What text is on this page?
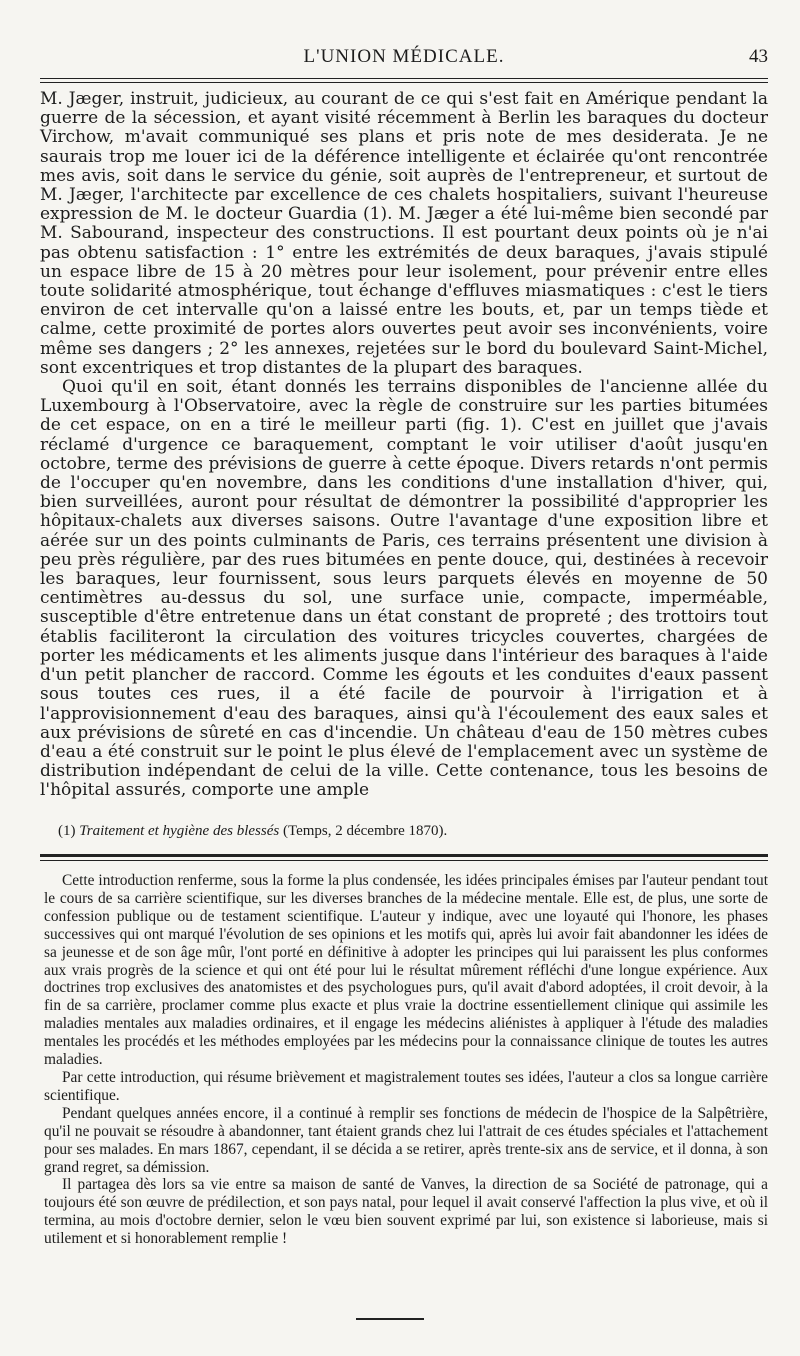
L'UNION MÉDICALE.	43

M. Jæger, instruit, judicieux, au courant de ce qui s'est fait en Amérique pendant la guerre de la sécession, et ayant visité récemment à Berlin les baraques du docteur Virchow, m'avait communiqué ses plans et pris note de mes desiderata. Je ne saurais trop me louer ici de la déférence intelligente et éclairée qu'ont rencontrée mes avis, soit dans le service du génie, soit auprès de l'entrepreneur, et surtout de M. Jæger, l'architecte par excellence de ces chalets hospitaliers, suivant l'heureuse expression de M. le docteur Guardia (1). M. Jæger a été lui-même bien secondé par M. Sabourand, inspecteur des constructions. Il est pourtant deux points où je n'ai pas obtenu satisfaction : 1° entre les extrémités de deux baraques, j'avais stipulé un espace libre de 15 à 20 mètres pour leur isolement, pour prévenir entre elles toute solidarité atmosphérique, tout échange d'effluves miasmatiques : c'est le tiers environ de cet intervalle qu'on a laissé entre les bouts, et, par un temps tiède et calme, cette proximité de portes alors ouvertes peut avoir ses inconvénients, voire même ses dangers ; 2° les annexes, rejetées sur le bord du boulevard Saint-Michel, sont excentriques et trop distantes de la plupart des baraques.

Quoi qu'il en soit, étant donnés les terrains disponibles de l'ancienne allée du Luxembourg à l'Observatoire, avec la règle de construire sur les parties bitumées de cet espace, on en a tiré le meilleur parti (fig. 1). C'est en juillet que j'avais réclamé d'urgence ce baraquement, comptant le voir utiliser d'août jusqu'en octobre, terme des prévisions de guerre à cette époque. Divers retards n'ont permis de l'occuper qu'en novembre, dans les conditions d'une installation d'hiver, qui, bien surveillées, auront pour résultat de démontrer la possibilité d'approprier les hôpitaux-chalets aux diverses saisons. Outre l'avantage d'une exposition libre et aérée sur un des points culminants de Paris, ces terrains présentent une division à peu près régulière, par des rues bitumées en pente douce, qui, destinées à recevoir les baraques, leur fournissent, sous leurs parquets élevés en moyenne de 50 centimètres au-dessus du sol, une surface unie, compacte, imperméable, susceptible d'être entretenue dans un état constant de propreté ; des trottoirs tout établis faciliteront la circulation des voitures tricycles couvertes, chargées de porter les médicaments et les aliments jusque dans l'intérieur des baraques à l'aide d'un petit plancher de raccord. Comme les égouts et les conduites d'eaux passent sous toutes ces rues, il a été facile de pourvoir à l'irrigation et à l'approvisionnement d'eau des baraques, ainsi qu'à l'écoulement des eaux sales et aux prévisions de sûreté en cas d'incendie. Un château d'eau de 150 mètres cubes d'eau a été construit sur le point le plus élevé de l'emplacement avec un système de distribution indépendant de celui de la ville. Cette contenance, tous les besoins de l'hôpital assurés, comporte une ample

(1) Traitement et hygiène des blessés (Temps, 2 décembre 1870).

Cette introduction renferme, sous la forme la plus condensée, les idées principales émises par l'auteur pendant tout le cours de sa carrière scientifique, sur les diverses branches de la médecine mentale. Elle est, de plus, une sorte de confession publique ou de testament scientifique. L'auteur y indique, avec une loyauté qui l'honore, les phases successives qui ont marqué l'évolution de ses opinions et les motifs qui, après lui avoir fait abandonner les idées de sa jeunesse et de son âge mûr, l'ont porté en définitive à adopter les principes qui lui paraissent les plus conformes aux vrais progrès de la science et qui ont été pour lui le résultat mûrement réfléchi d'une longue expérience. Aux doctrines trop exclusives des anatomistes et des psychologues purs, qu'il avait d'abord adoptées, il croit devoir, à la fin de sa carrière, proclamer comme plus exacte et plus vraie la doctrine essentiellement clinique qui assimile les maladies mentales aux maladies ordinaires, et il engage les médecins aliénistes à appliquer à l'étude des maladies mentales les procédés et les méthodes employées par les médecins pour la connaissance clinique de toutes les autres maladies.

Par cette introduction, qui résume brièvement et magistralement toutes ses idées, l'auteur a clos sa longue carrière scientifique.

Pendant quelques années encore, il a continué à remplir ses fonctions de médecin de l'hospice de la Salpêtrière, qu'il ne pouvait se résoudre à abandonner, tant étaient grands chez lui l'attrait de ces études spéciales et l'attachement pour ses malades. En mars 1867, cependant, il se décida a se retirer, après trente-six ans de service, et il donna, à son grand regret, sa démission.

Il partagea dès lors sa vie entre sa maison de santé de Vanves, la direction de sa Société de patronage, qui a toujours été son œuvre de prédilection, et son pays natal, pour lequel il avait conservé l'affection la plus vive, et où il termina, au mois d'octobre dernier, selon le vœu bien souvent exprimé par lui, son existence si laborieuse, mais si utilement et si honorablement remplie !
